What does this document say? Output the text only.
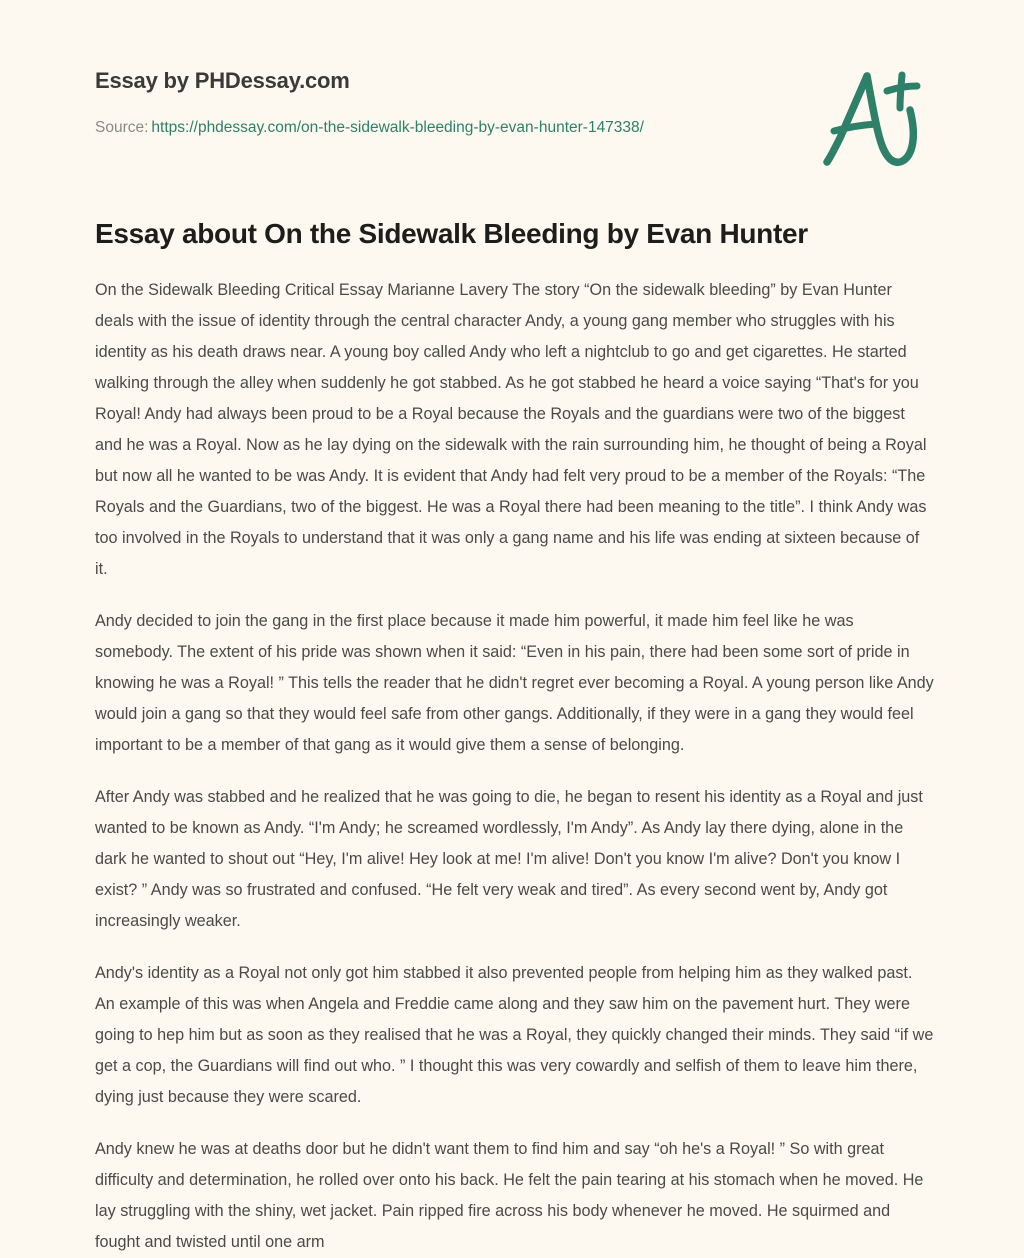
Essay by PHDessay.com
Source: https://phdessay.com/on-the-sidewalk-bleeding-by-evan-hunter-147338/
Essay about On the Sidewalk Bleeding by Evan Hunter

On the Sidewalk Bleeding Critical Essay Marianne Lavery The story “On the sidewalk bleeding” by Evan Hunter deals with the issue of identity through the central character Andy, a young gang member who struggles with his identity as his death draws near. A young boy called Andy who left a nightclub to go and get cigarettes. He started walking through the alley when suddenly he got stabbed. As he got stabbed he heard a voice saying “That's for you Royal! Andy had always been proud to be a Royal because the Royals and the guardians were two of the biggest and he was a Royal. Now as he lay dying on the sidewalk with the rain surrounding him, he thought of being a Royal but now all he wanted to be was Andy. It is evident that Andy had felt very proud to be a member of the Royals: “The Royals and the Guardians, two of the biggest. He was a Royal there had been meaning to the title”. I think Andy was too involved in the Royals to understand that it was only a gang name and his life was ending at sixteen because of it.

Andy decided to join the gang in the first place because it made him powerful, it made him feel like he was somebody. The extent of his pride was shown when it said: “Even in his pain, there had been some sort of pride in knowing he was a Royal! ” This tells the reader that he didn't regret ever becoming a Royal. A young person like Andy would join a gang so that they would feel safe from other gangs. Additionally, if they were in a gang they would feel important to be a member of that gang as it would give them a sense of belonging.

After Andy was stabbed and he realized that he was going to die, he began to resent his identity as a Royal and just wanted to be known as Andy. “I'm Andy; he screamed wordlessly, I'm Andy”. As Andy lay there dying, alone in the dark he wanted to shout out “Hey, I'm alive! Hey look at me! I'm alive! Don't you know I'm alive? Don't you know I exist? ” Andy was so frustrated and confused. “He felt very weak and tired”. As every second went by, Andy got increasingly weaker.

Andy's identity as a Royal not only got him stabbed it also prevented people from helping him as they walked past. An example of this was when Angela and Freddie came along and they saw him on the pavement hurt. They were going to hep him but as soon as they realised that he was a Royal, they quickly changed their minds. They said “if we get a cop, the Guardians will find out who. ” I thought this was very cowardly and selfish of them to leave him there, dying just because they were scared.

Andy knew he was at deaths door but he didn't want them to find him and say “oh he's a Royal! ” So with great difficulty and determination, he rolled over onto his back. He felt the pain tearing at his stomach when he moved. He lay struggling with the shiny, wet jacket. Pain ripped fire across his body whenever he moved. He squirmed and fought and twisted until one arm
